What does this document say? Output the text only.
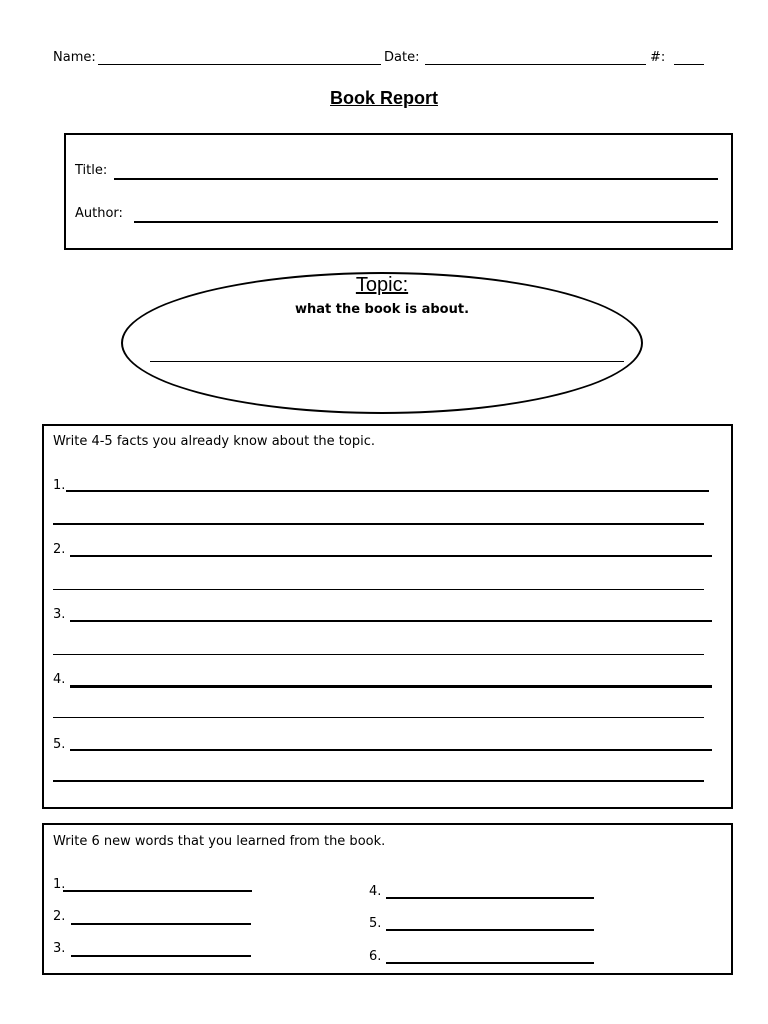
Name:	Date:	#:
Book Report
Title:
Author:
Topic:
what the book is about.
Write 4-5 facts you already know about the topic.
1.
2.
3.
4.
5.
Write 6 new words that you learned from the book.
1.
2.
3.
4.
5.
6.
